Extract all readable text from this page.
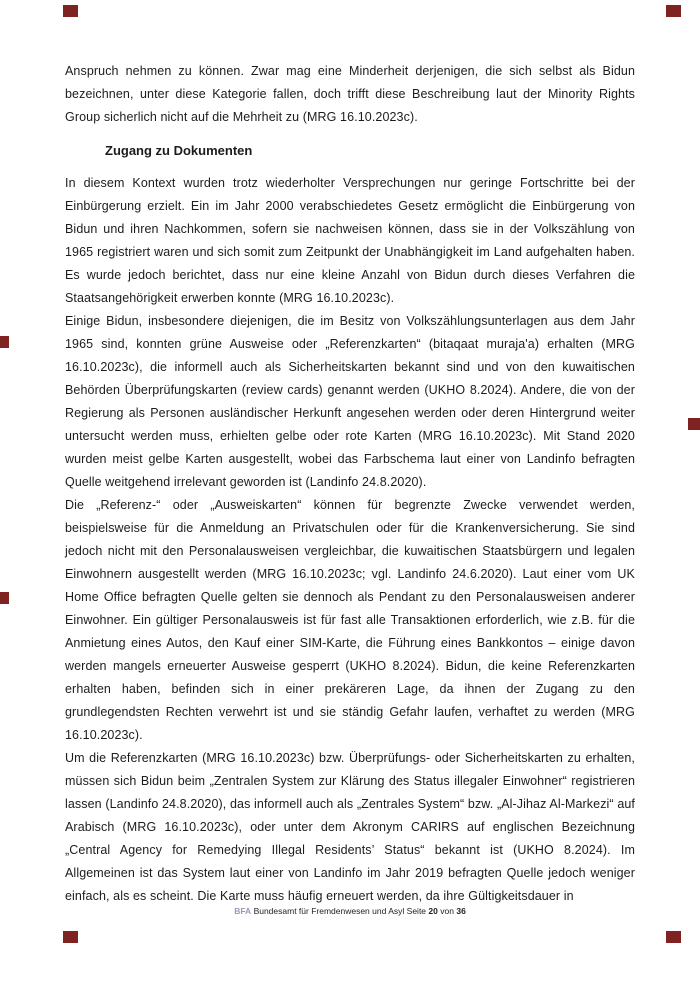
Anspruch nehmen zu können. Zwar mag eine Minderheit derjenigen, die sich selbst als Bidun bezeichnen, unter diese Kategorie fallen, doch trifft diese Beschreibung laut der Minority Rights Group sicherlich nicht auf die Mehrheit zu (MRG 16.10.2023c).

Zugang zu Dokumenten

In diesem Kontext wurden trotz wiederholter Versprechungen nur geringe Fortschritte bei der Einbürgerung erzielt. Ein im Jahr 2000 verabschiedetes Gesetz ermöglicht die Einbürgerung von Bidun und ihren Nachkommen, sofern sie nachweisen können, dass sie in der Volkszählung von 1965 registriert waren und sich somit zum Zeitpunkt der Unabhängigkeit im Land aufgehalten haben. Es wurde jedoch berichtet, dass nur eine kleine Anzahl von Bidun durch dieses Verfahren die Staatsangehörigkeit erwerben konnte (MRG 16.10.2023c).

Einige Bidun, insbesondere diejenigen, die im Besitz von Volkszählungsunterlagen aus dem Jahr 1965 sind, konnten grüne Ausweise oder „Referenzkarten“ (bitaqaat muraja'a) erhalten (MRG 16.10.2023c), die informell auch als Sicherheitskarten bekannt sind und von den kuwaitischen Behörden Überprüfungskarten (review cards) genannt werden (UKHO 8.2024). Andere, die von der Regierung als Personen ausländischer Herkunft angesehen werden oder deren Hintergrund weiter untersucht werden muss, erhielten gelbe oder rote Karten (MRG 16.10.2023c). Mit Stand 2020 wurden meist gelbe Karten ausgestellt, wobei das Farbschema laut einer von Landinfo befragten Quelle weitgehend irrelevant geworden ist (Landinfo 24.8.2020).

Die „Referenz-“ oder „Ausweiskarten“ können für begrenzte Zwecke verwendet werden, beispielsweise für die Anmeldung an Privatschulen oder für die Krankenversicherung. Sie sind jedoch nicht mit den Personalausweisen vergleichbar, die kuwaitischen Staatsbürgern und legalen Einwohnern ausgestellt werden (MRG 16.10.2023c; vgl. Landinfo 24.6.2020). Laut einer vom UK Home Office befragten Quelle gelten sie dennoch als Pendant zu den Personalausweisen anderer Einwohner. Ein gültiger Personalausweis ist für fast alle Transaktionen erforderlich, wie z.B. für die Anmietung eines Autos, den Kauf einer SIM-Karte, die Führung eines Bankkontos – einige davon werden mangels erneuerter Ausweise gesperrt (UKHO 8.2024). Bidun, die keine Referenzkarten erhalten haben, befinden sich in einer prekäreren Lage, da ihnen der Zugang zu den grundlegendsten Rechten verwehrt ist und sie ständig Gefahr laufen, verhaftet zu werden (MRG 16.10.2023c).

Um die Referenzkarten (MRG 16.10.2023c) bzw. Überprüfungs- oder Sicherheitskarten zu erhalten, müssen sich Bidun beim „Zentralen System zur Klärung des Status illegaler Einwohner“ registrieren lassen (Landinfo 24.8.2020), das informell auch als „Zentrales System“ bzw. „Al-Jihaz Al-Markezi“ auf Arabisch (MRG 16.10.2023c), oder unter dem Akronym CARIRS auf englischen Bezeichnung „Central Agency for Remedying Illegal Residents’ Status“ bekannt ist (UKHO 8.2024). Im Allgemeinen ist das System laut einer von Landinfo im Jahr 2019 befragten Quelle jedoch weniger einfach, als es scheint. Die Karte muss häufig erneuert werden, da ihre Gültigkeitsdauer in

BFA Bundesamt für Fremdenwesen und Asyl Seite 20 von 36
